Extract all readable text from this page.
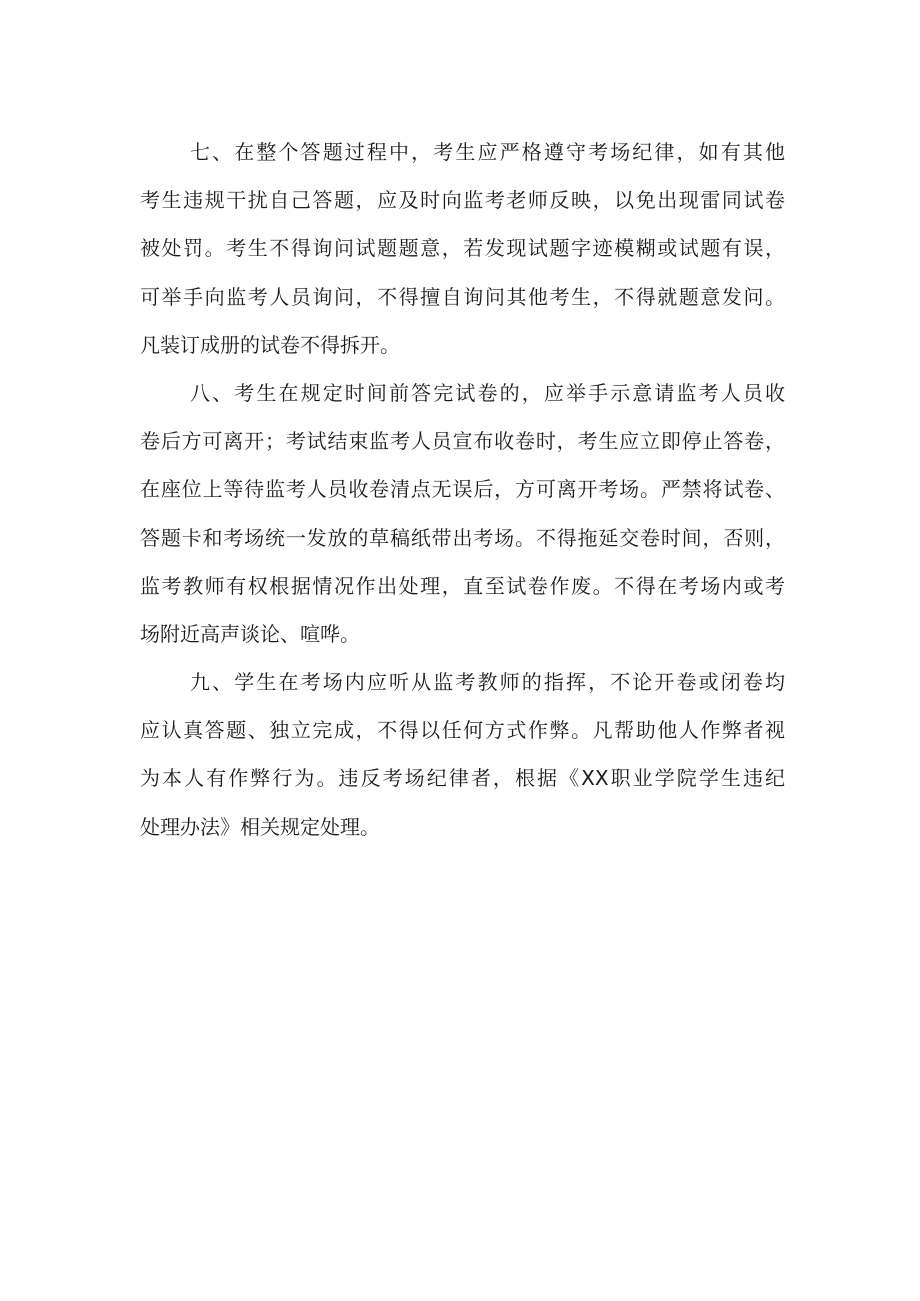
七、在整个答题过程中，考生应严格遵守考场纪律，如有其他
考生违规干扰自己答题，应及时向监考老师反映，以免出现雷同试卷
被处罚。考生不得询问试题题意，若发现试题字迹模糊或试题有误，
可举手向监考人员询问，不得擅自询问其他考生，不得就题意发问。
凡装订成册的试卷不得拆开。
八、考生在规定时间前答完试卷的，应举手示意请监考人员收
卷后方可离开；考试结束监考人员宣布收卷时，考生应立即停止答卷，
在座位上等待监考人员收卷清点无误后，方可离开考场。严禁将试卷、
答题卡和考场统一发放的草稿纸带出考场。不得拖延交卷时间，否则，
监考教师有权根据情况作出处理，直至试卷作废。不得在考场内或考
场附近高声谈论、喧哗。
九、学生在考场内应听从监考教师的指挥，不论开卷或闭卷均
应认真答题、独立完成，不得以任何方式作弊。凡帮助他人作弊者视
为本人有作弊行为。违反考场纪律者，根据《XX职业学院学生违纪
处理办法》相关规定处理。
